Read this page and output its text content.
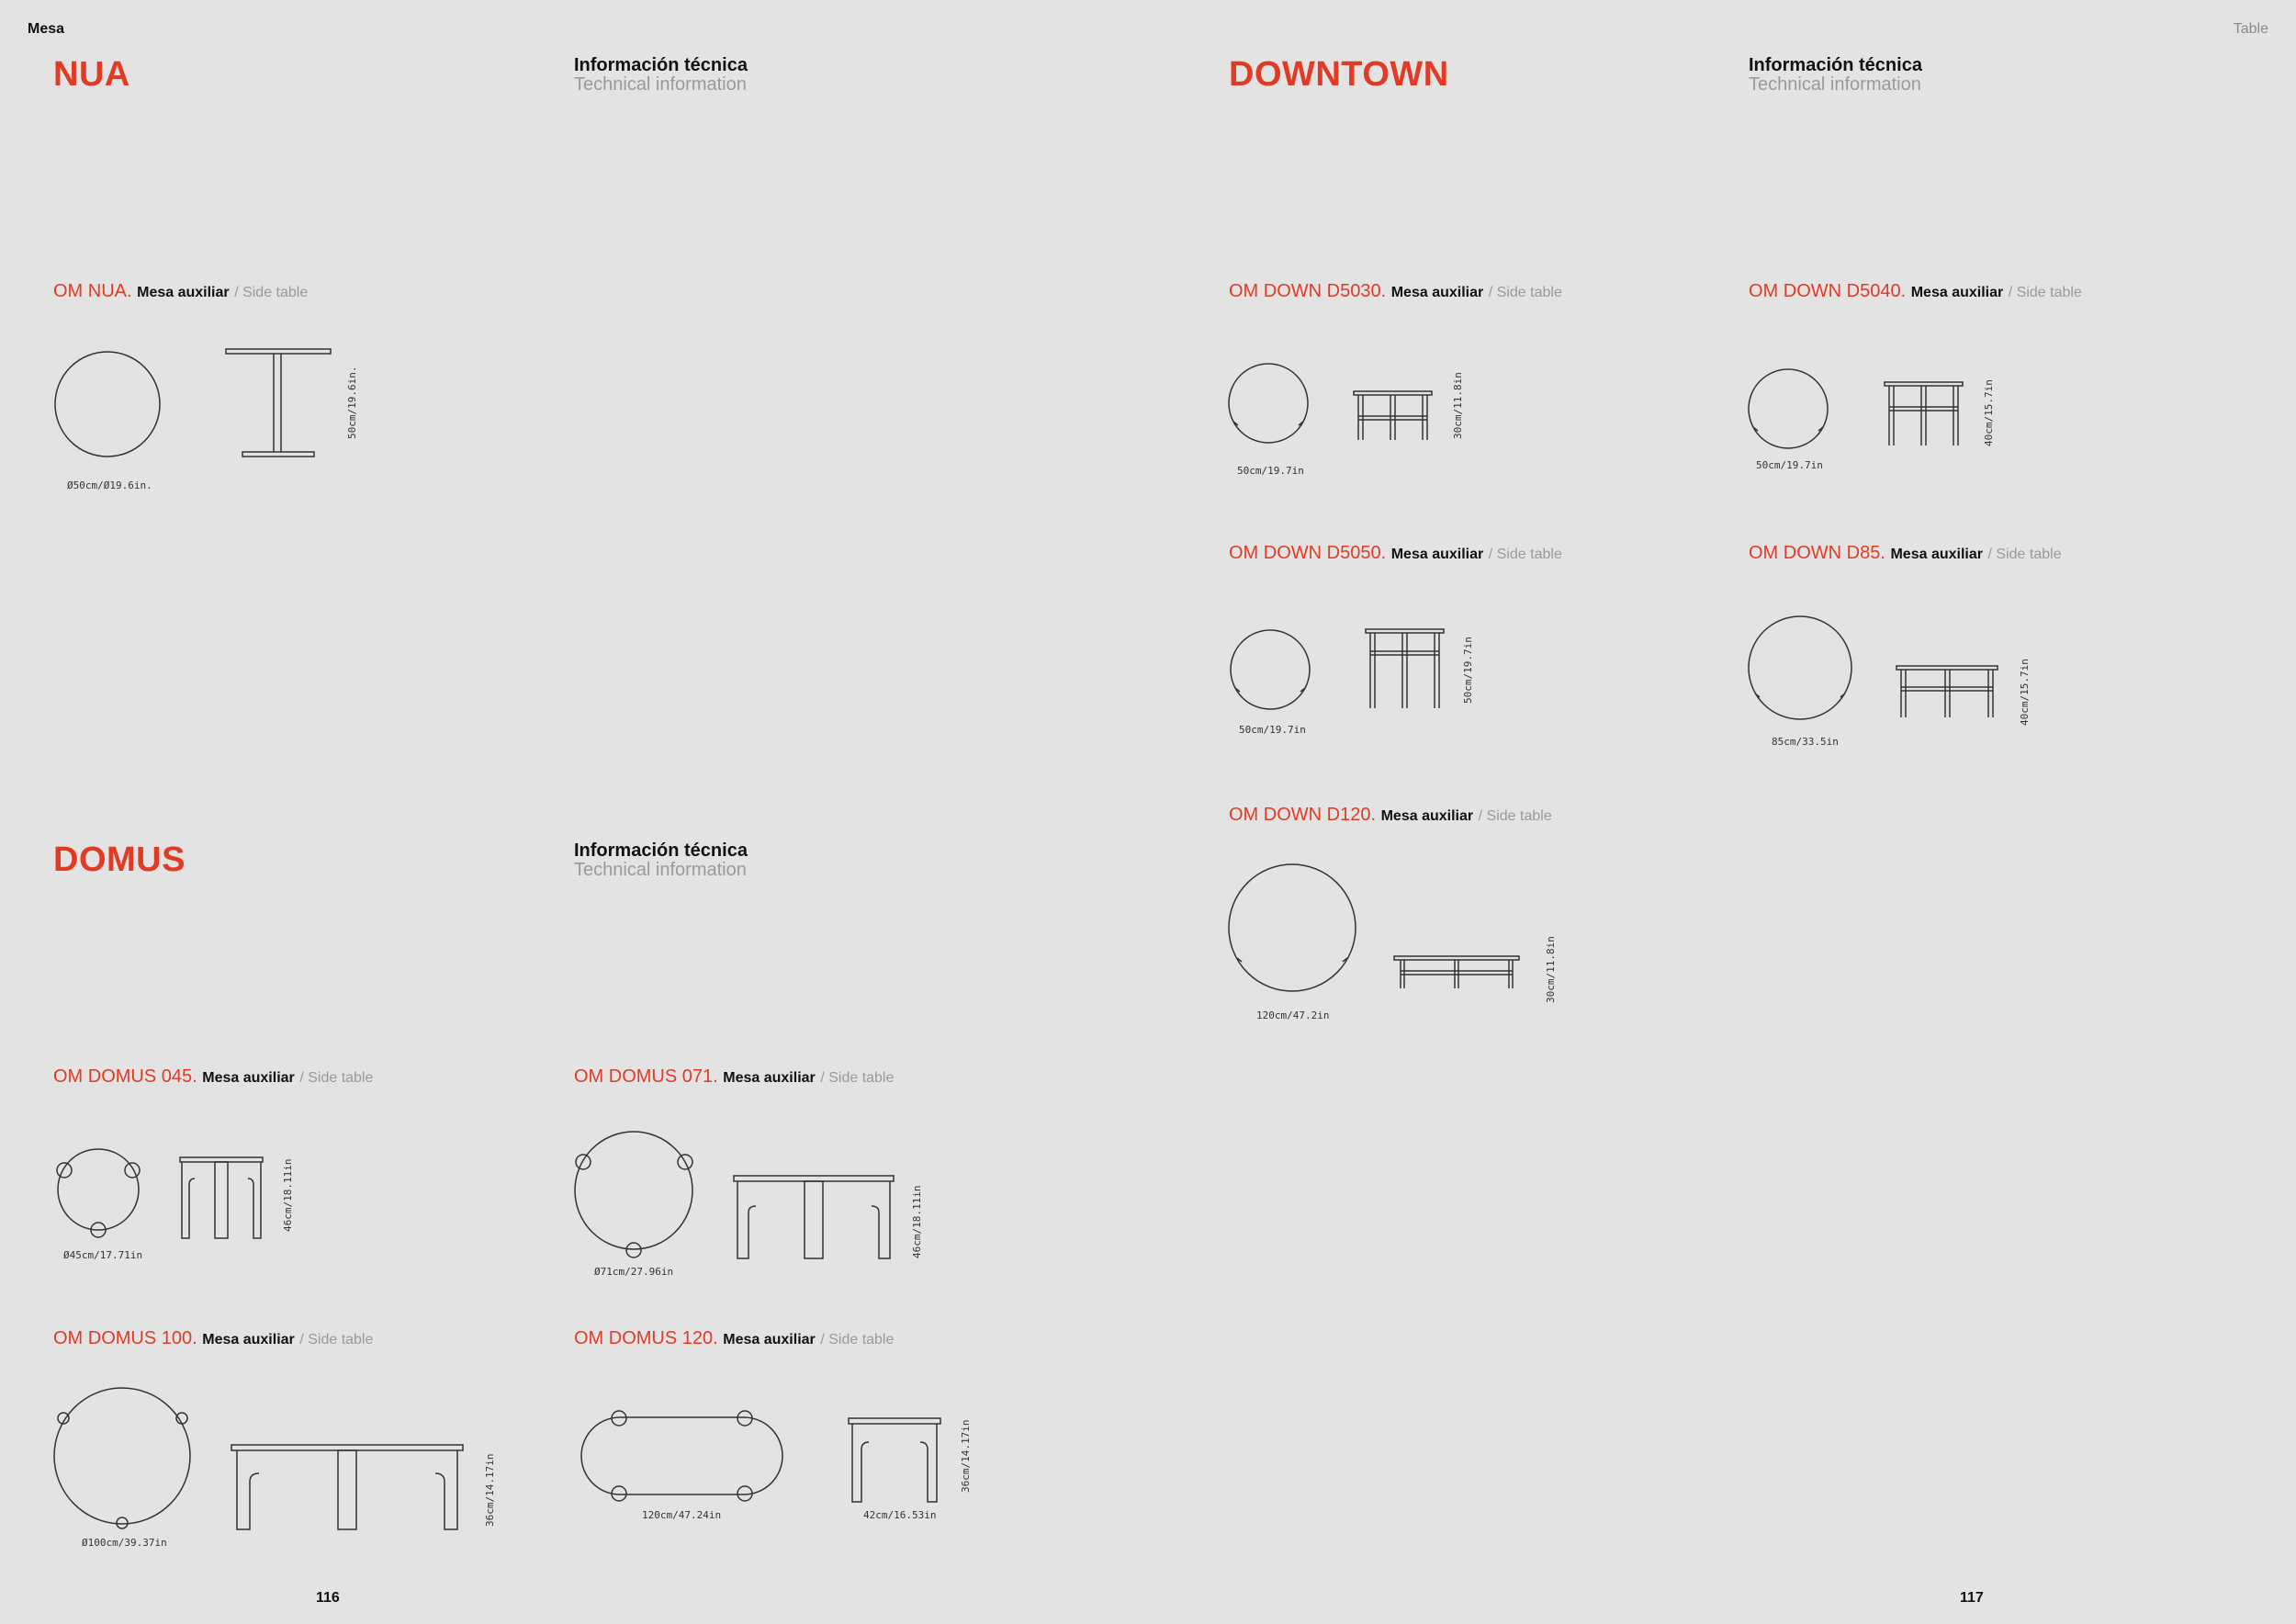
Mesa	Table
116	117
NUA	Información técnica
Technical information
OM NUA. Mesa auxiliar / Side table
Ø50cm/Ø19.6in.
50cm/19.6in.
DOMUS	Información técnica
Technical information
OM DOMUS 045. Mesa auxiliar / Side table
Ø45cm/17.71in
46cm/18.11in
OM DOMUS 071. Mesa auxiliar / Side table
Ø71cm/27.96in
46cm/18.11in
OM DOMUS 100. Mesa auxiliar / Side table
Ø100cm/39.37in
36cm/14.17in
OM DOMUS 120. Mesa auxiliar / Side table
120cm/47.24in	42cm/16.53in
36cm/14.17in
DOWNTOWN	Información técnica
Technical information
OM DOWN D5030. Mesa auxiliar / Side table
50cm/19.7in
30cm/11.8in
OM DOWN D5040. Mesa auxiliar / Side table
50cm/19.7in
40cm/15.7in
OM DOWN D5050. Mesa auxiliar / Side table
50cm/19.7in
50cm/19.7in
OM DOWN D85. Mesa auxiliar / Side table
85cm/33.5in
40cm/15.7in
OM DOWN D120. Mesa auxiliar / Side table
120cm/47.2in
30cm/11.8in
